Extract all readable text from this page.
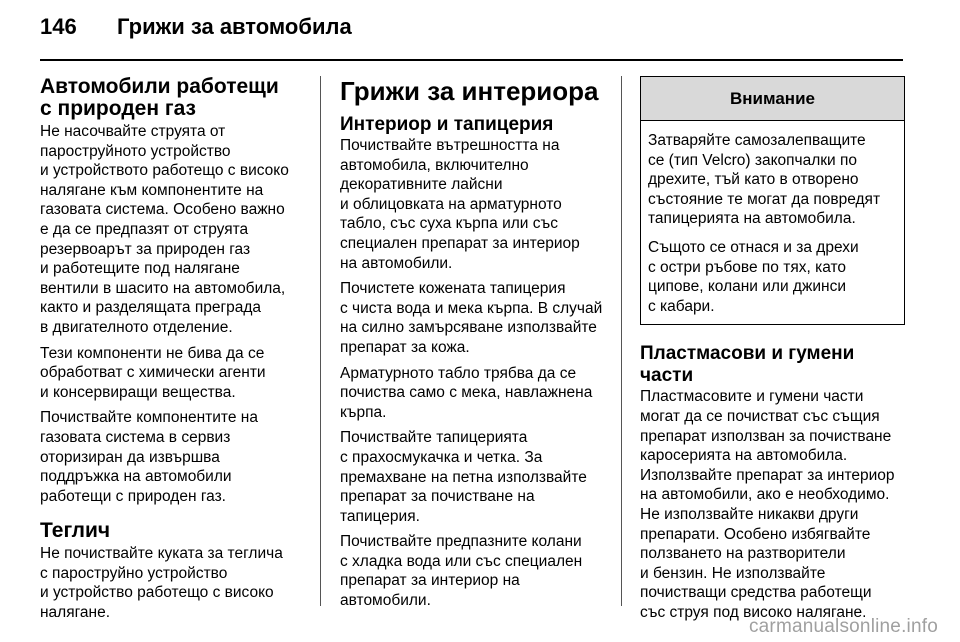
146	Грижи за автомобила
Автомобили работещи
с природен газ
Не насочвайте струята от
пароструйното устройство
и устройството работещо с високо
налягане към компонентите на
газовата система. Особено важно
е да се предпазят от струята
резервоарът за природен газ
и работещите под налягане
вентили в шасито на автомобила,
както и разделящата преграда
в двигателното отделение.
Тези компоненти не бива да се
обработват с химически агенти
и консервиращи вещества.
Почиствайте компонентите на
газовата система в сервиз
оторизиран да извършва
поддръжка на автомобили
работещи с природен газ.
Теглич
Не почиствайте куката за теглича
с пароструйно устройство
и устройство работещо с високо
налягане.
Грижи за интериора
Интериор и тапицерия
Почиствайте вътрешността на
автомобила, включително
декоративните лайсни
и облицовката на арматурното
табло, със суха кърпа или със
специален препарат за интериор
на автомобили.
Почистете кожената тапицерия
с чиста вода и мека кърпа. В случай
на силно замърсяване използвайте
препарат за кожа.
Арматурното табло трябва да се
почиства само с мека, навлажнена
кърпа.
Почиствайте тапицерията
с прахосмукачка и четка. За
премахване на петна използвайте
препарат за почистване на
тапицерия.
Почиствайте предпазните колани
с хладка вода или със специален
препарат за интериор на
автомобили.
Внимание
Затваряйте самозалепващите
се (тип Velcro) закопчалки по
дрехите, тъй като в отворено
състояние те могат да повредят
тапицерията на автомобила.
Същото се отнася и за дрехи
с остри ръбове по тях, като
ципове, колани или джинси
с кабари.
Пластмасови и гумени части
Пластмасовите и гумени части
могат да се почистват със същия
препарат използван за почистване
каросерията на автомобила.
Използвайте препарат за интериор
на автомобили, ако е необходимо.
Не използвайте никакви други
препарати. Особено избягвайте
ползването на разтворители
и бензин. Не използвайте
почистващи средства работещи
със струя под високо налягане.
carmanualsonline.info
